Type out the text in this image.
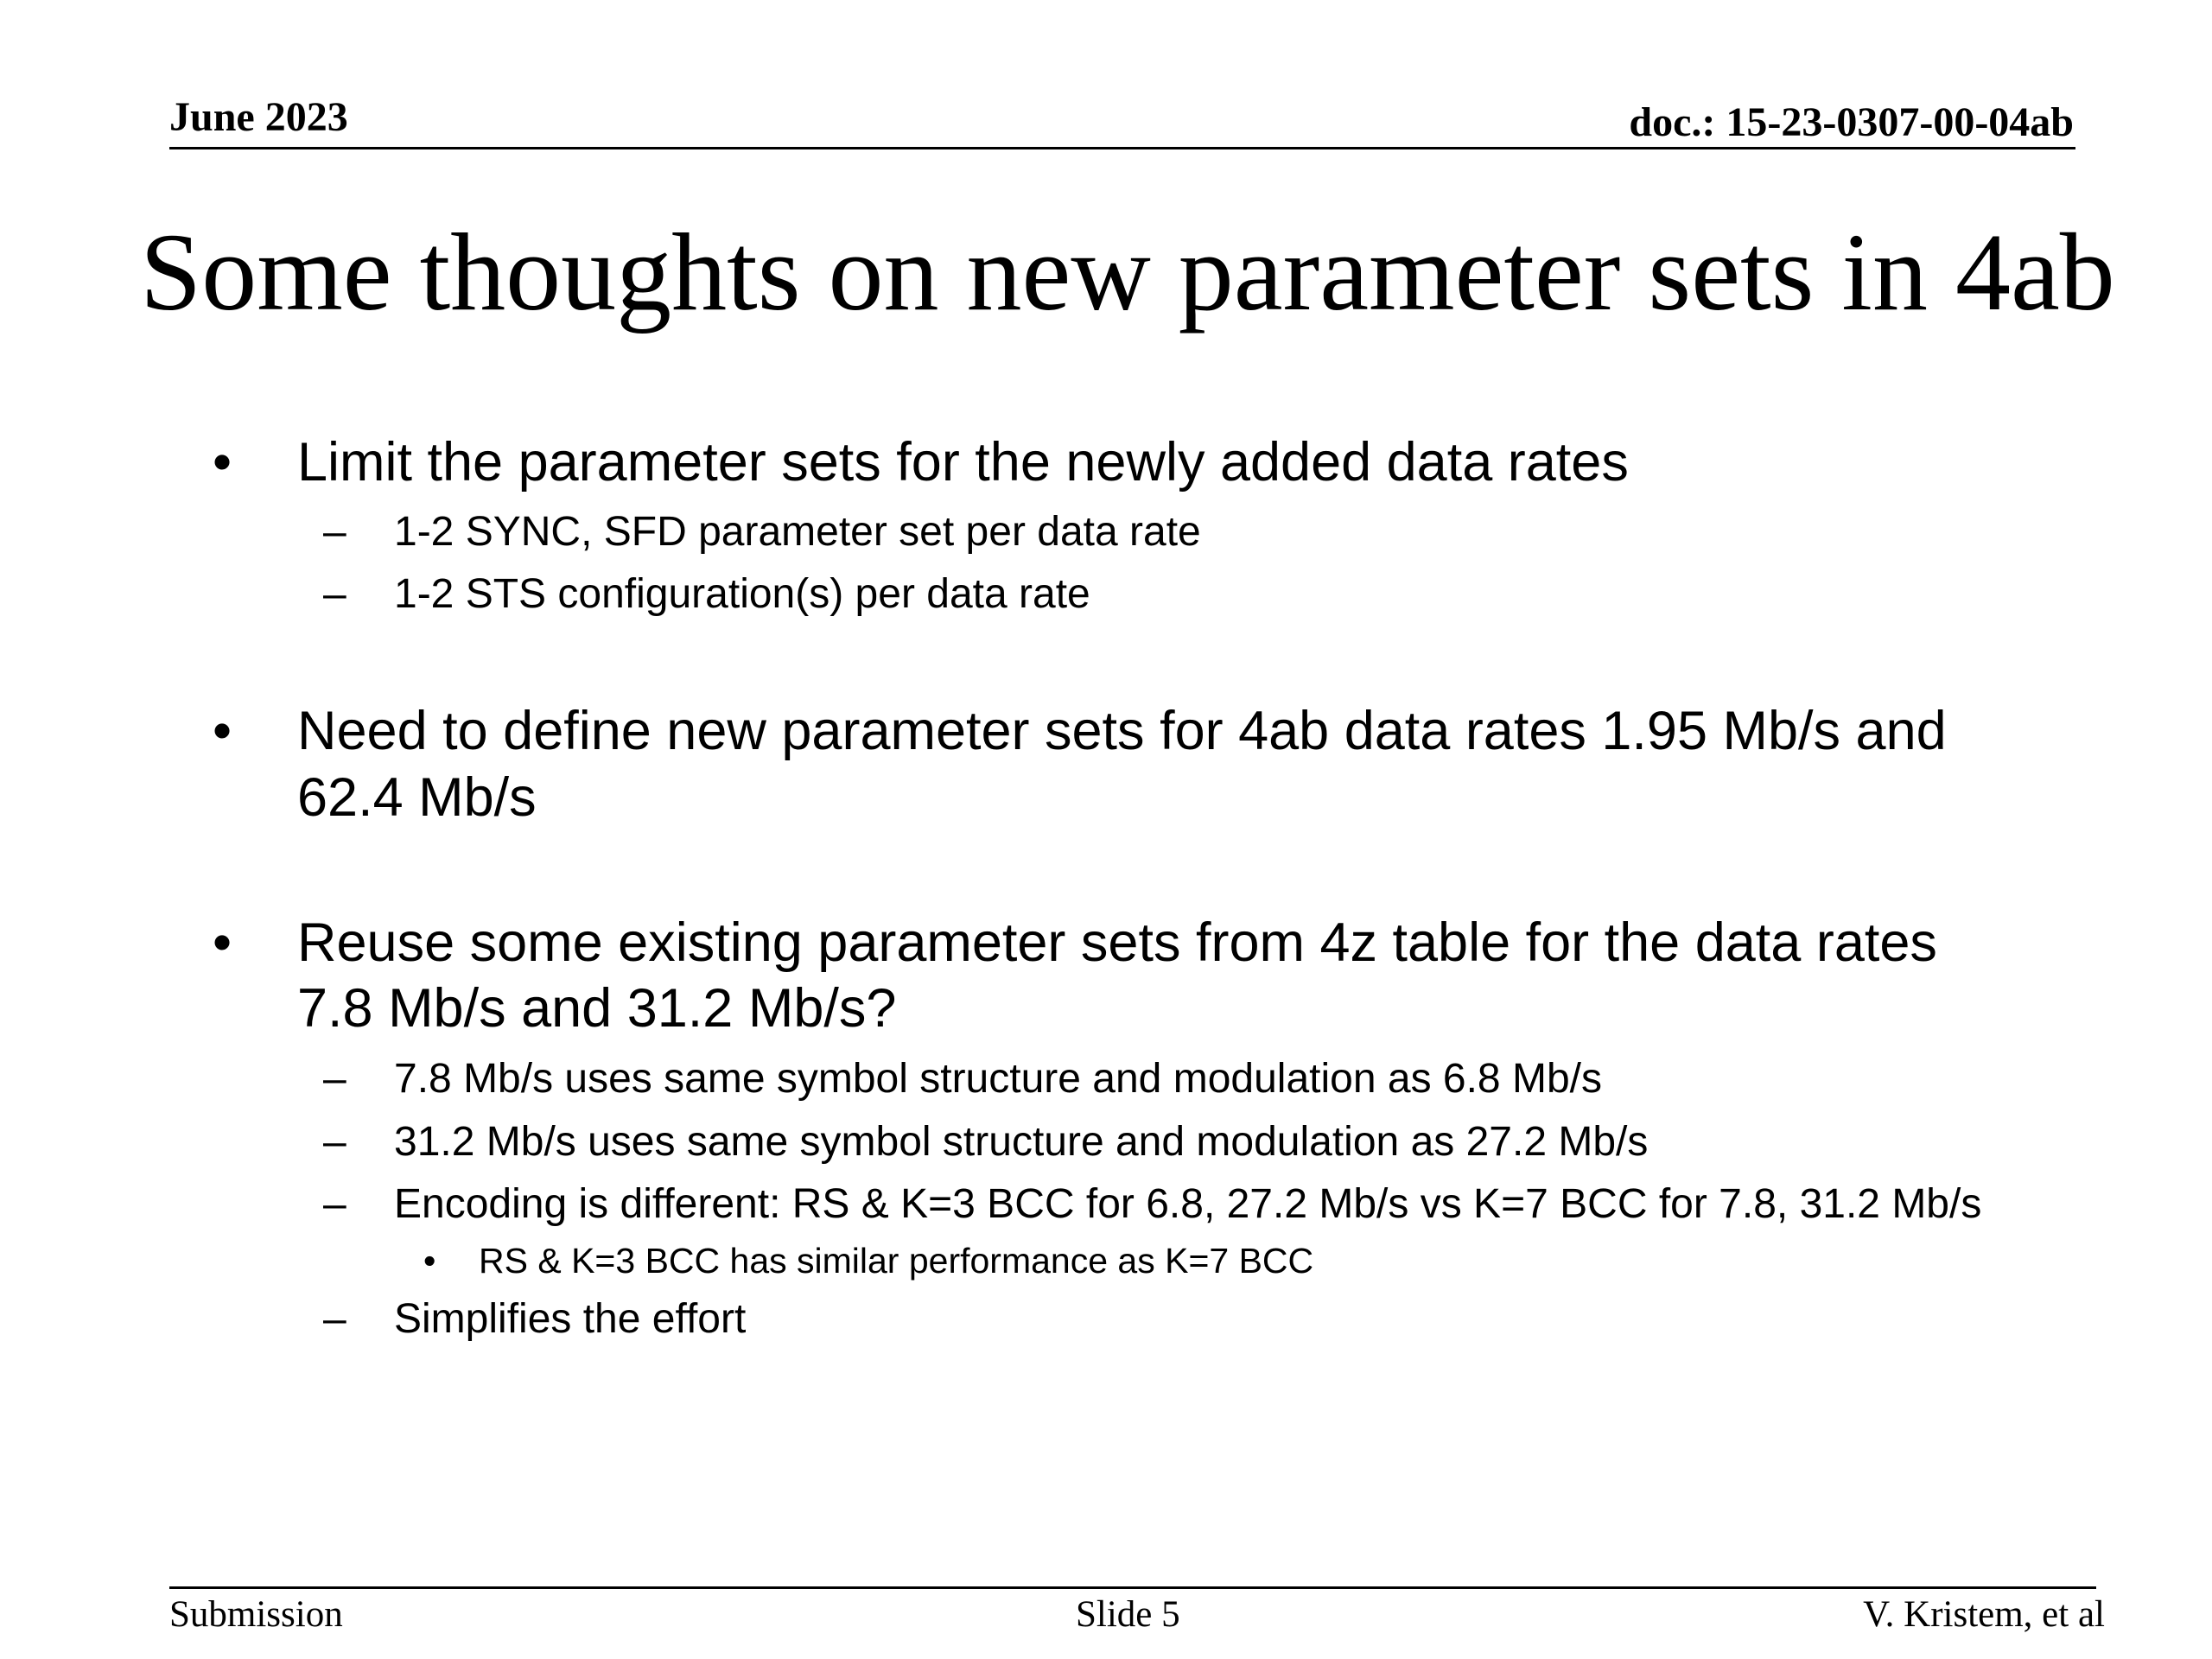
June 2023	doc.: 15-23-0307-00-04ab
Some thoughts on new parameter sets in 4ab
• Limit the parameter sets for the newly added data rates
– 1-2 SYNC, SFD parameter set per data rate
– 1-2 STS configuration(s) per data rate
• Need to define new parameter sets for 4ab data rates 1.95 Mb/s and
62.4 Mb/s
• Reuse some existing parameter sets from 4z table for the data rates
7.8 Mb/s and 31.2 Mb/s?
– 7.8 Mb/s uses same symbol structure and modulation as 6.8 Mb/s
– 31.2 Mb/s uses same symbol structure and modulation as 27.2 Mb/s
– Encoding is different: RS & K=3 BCC for 6.8, 27.2 Mb/s vs K=7 BCC for 7.8, 31.2 Mb/s
• RS & K=3 BCC has similar performance as K=7 BCC
– Simplifies the effort
Submission	Slide 5	V. Kristem, et al
